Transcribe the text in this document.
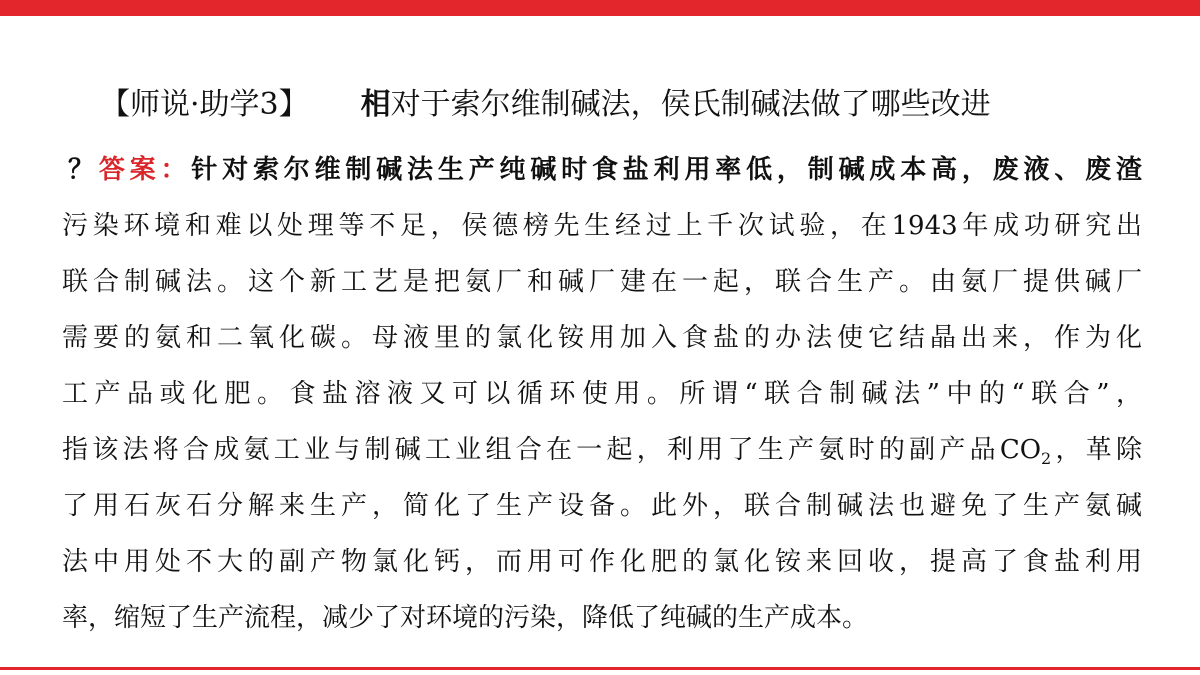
【师说·助学3】 相对于索尔维制碱法，侯氏制碱法做了哪些改进
？答案：针对索尔维制碱法生产纯碱时食盐利用率低，制碱成本高，废液、废渣
污染环境和难以处理等不足，侯德榜先生经过上千次试验，在1943年成功研究出
联合制碱法。这个新工艺是把氨厂和碱厂建在一起，联合生产。由氨厂提供碱厂
需要的氨和二氧化碳。母液里的氯化铵用加入食盐的办法使它结晶出来，作为化
工产品或化肥。食盐溶液又可以循环使用。所谓“联合制碱法”中的“联合”，
指该法将合成氨工业与制碱工业组合在一起，利用了生产氨时的副产品$CO_2$，革除
了用石灰石分解来生产，简化了生产设备。此外，联合制碱法也避免了生产氨碱
法中用处不大的副产物氯化钙，而用可作化肥的氯化铵来回收，提高了食盐利用
率，缩短了生产流程，减少了对环境的污染，降低了纯碱的生产成本。
